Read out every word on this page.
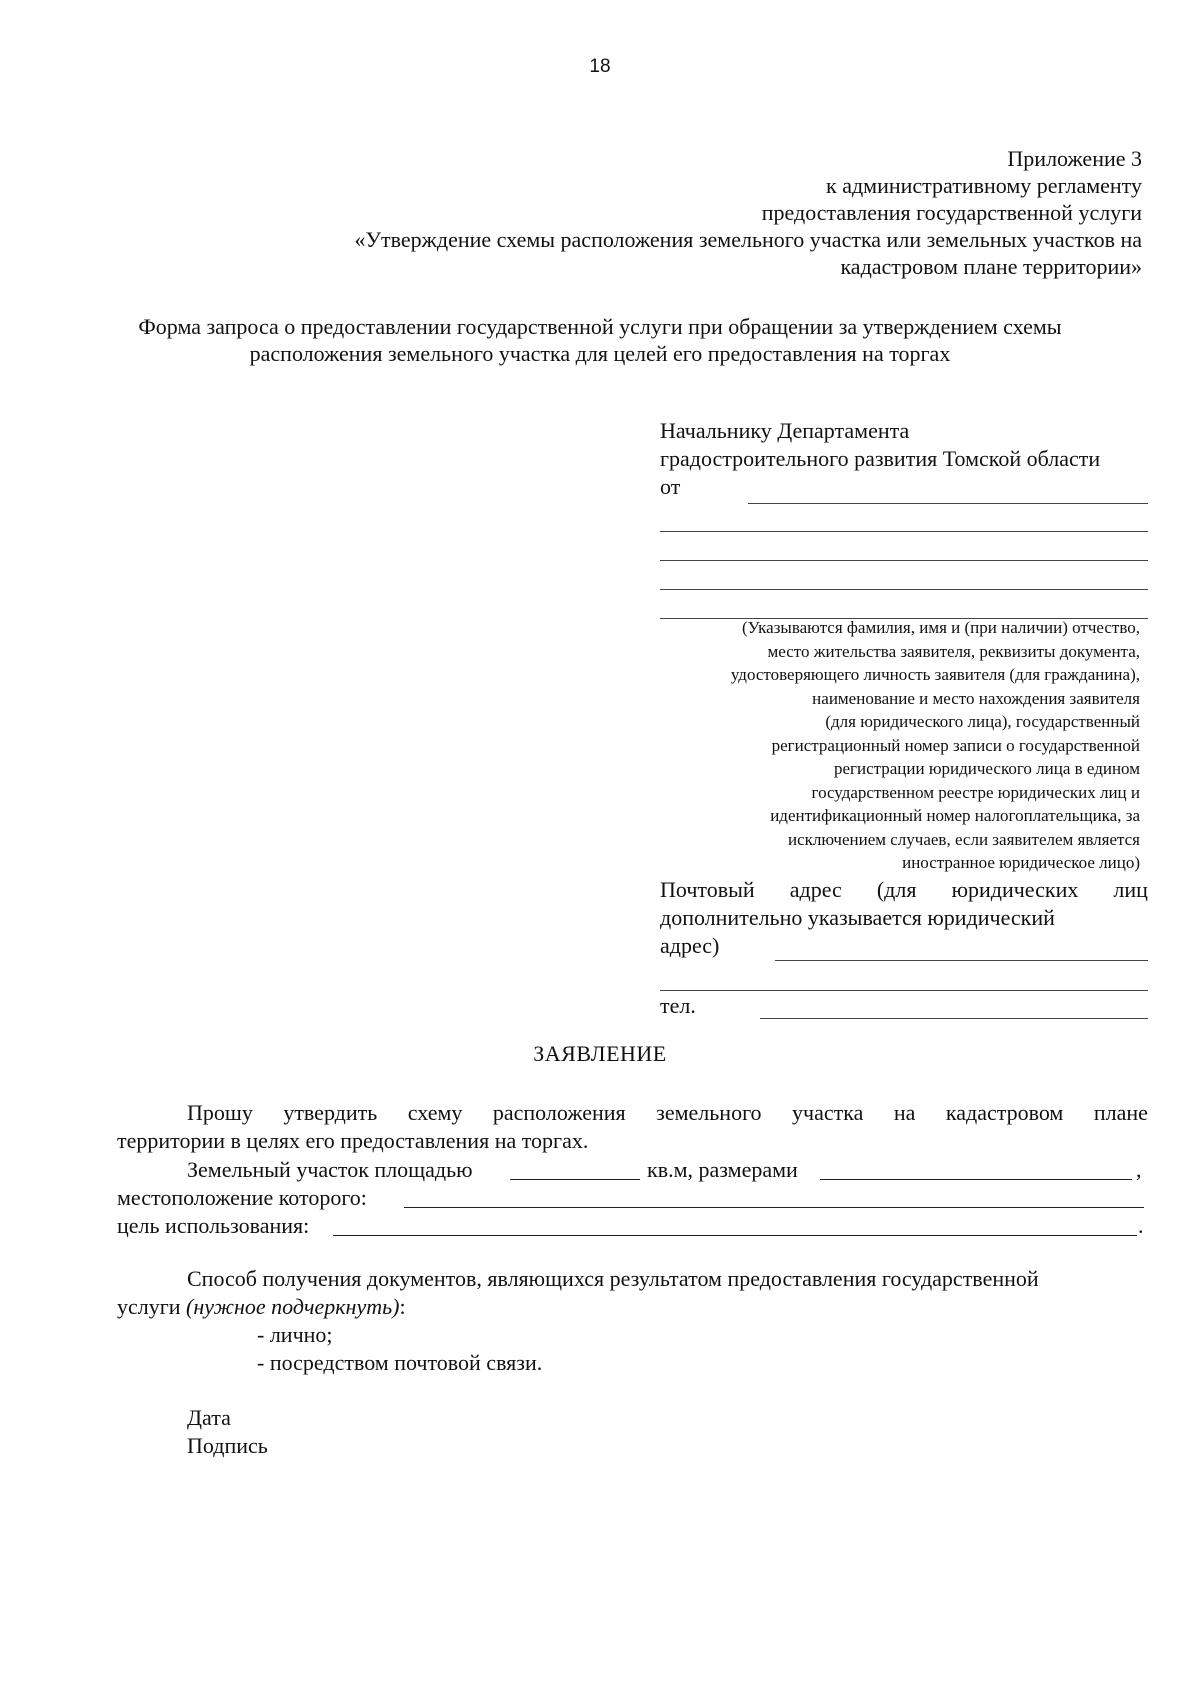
18
Приложение 3
к административному регламенту
предоставления государственной услуги
«Утверждение схемы расположения земельного участка или земельных участков на
кадастровом плане территории»
Форма запроса о предоставлении государственной услуги при обращении за утверждением схемы
расположения земельного участка для целей его предоставления на торгах
Начальнику Департамента
градостроительного развития Томской области
от
(Указываются фамилия, имя и (при наличии) отчество,
место жительства заявителя, реквизиты документа,
удостоверяющего личность заявителя (для гражданина),
наименование и место нахождения заявителя
(для юридического лица), государственный
регистрационный номер записи о государственной
регистрации юридического лица в едином
государственном реестре юридических лиц и
идентификационный номер налогоплательщика, за
исключением случаев, если заявителем является
иностранное юридическое лицо)
Почтовый адрес (для юридических лиц
дополнительно указывается юридический
адрес)
тел.
ЗАЯВЛЕНИЕ
Прошу утвердить схему расположения земельного участка на кадастровом плане
территории в целях его предоставления на торгах.
Земельный участок площадью	кв.м, размерами	,
местоположение которого:
цель использования:	.
Способ получения документов, являющихся результатом предоставления государственной
услуги (нужное подчеркнуть):
- лично;
- посредством почтовой связи.
Дата
Подпись
